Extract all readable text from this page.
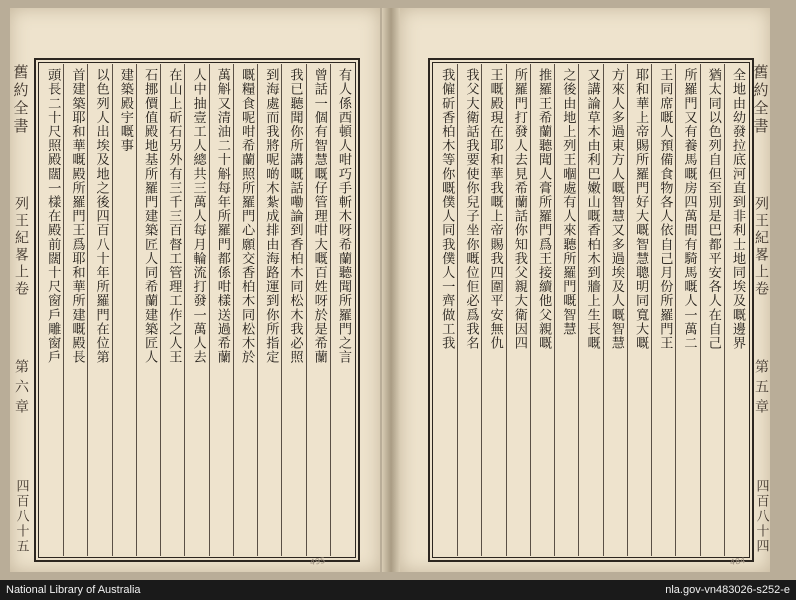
舊約全書
列王紀畧上卷
第六章
四百八十五
有人係西頓人咁巧手斬木呀希蘭聽聞所羅門之言
曾話一個有智慧嘅仔管理咁大嘅百姓呀於是希蘭
我已聽聞你所講嘅話嘞論到香柏木同松木我必照
到海處而我將呢啲木紮成排由海路運到你所指定
嘅糧食呢咁希蘭照所羅門心願交香柏木同松木於
萬斛又清油二十斛每年所羅門都係咁樣送過希蘭
人中抽壹工人總共三萬人每月輪流打發一萬人去
在山上斫石另外有三千三百督工管理工作之人王
石挪價值殿地基所羅門建築匠人同希蘭建築匠人
建築殿宇嘅事
以色列人出埃及地之後四百八十年所羅門在位第
首建築耶和華嘅殿所羅門王爲耶和華所建嘅殿長
頭長二十尺照殿闊一樣在殿前闊十尺窗戶雕窗戶
495
舊約全書
列王紀畧上卷
第五章
四百八十四
全地由幼發拉底河直到非利士地同埃及嘅邊界
猶太同以色列自但至別是巴都平安各人在自己
所羅門又有養馬嘅房四萬間有騎馬嘅人一萬二
王同席嘅人預備食物各人依自己月份所羅門王
耶和華上帝賜所羅門好大嘅智慧聰明同寬大嘅
方來人多過東方人嘅智慧又多過埃及人嘅智慧
又講論草木由利巴嫩山嘅香柏木到牆上生長嘅
之後由地上列王嗰處有人來聽所羅門嘅智慧
推羅王希蘭聽聞人膏所羅門爲王接續他父親嘅
所羅門打發人去見希蘭話你知我父親大衛因四
王嘅殿現在耶和華我嘅上帝賜我四圍平安無仇
我父大衛話我要使你兒子坐你嘅位佢必爲我名
我僱斫香柏木等你嘅僕人同我僕人一齊做工我
484
National Library of Australia	nla.gov-vn483026-s252-e
